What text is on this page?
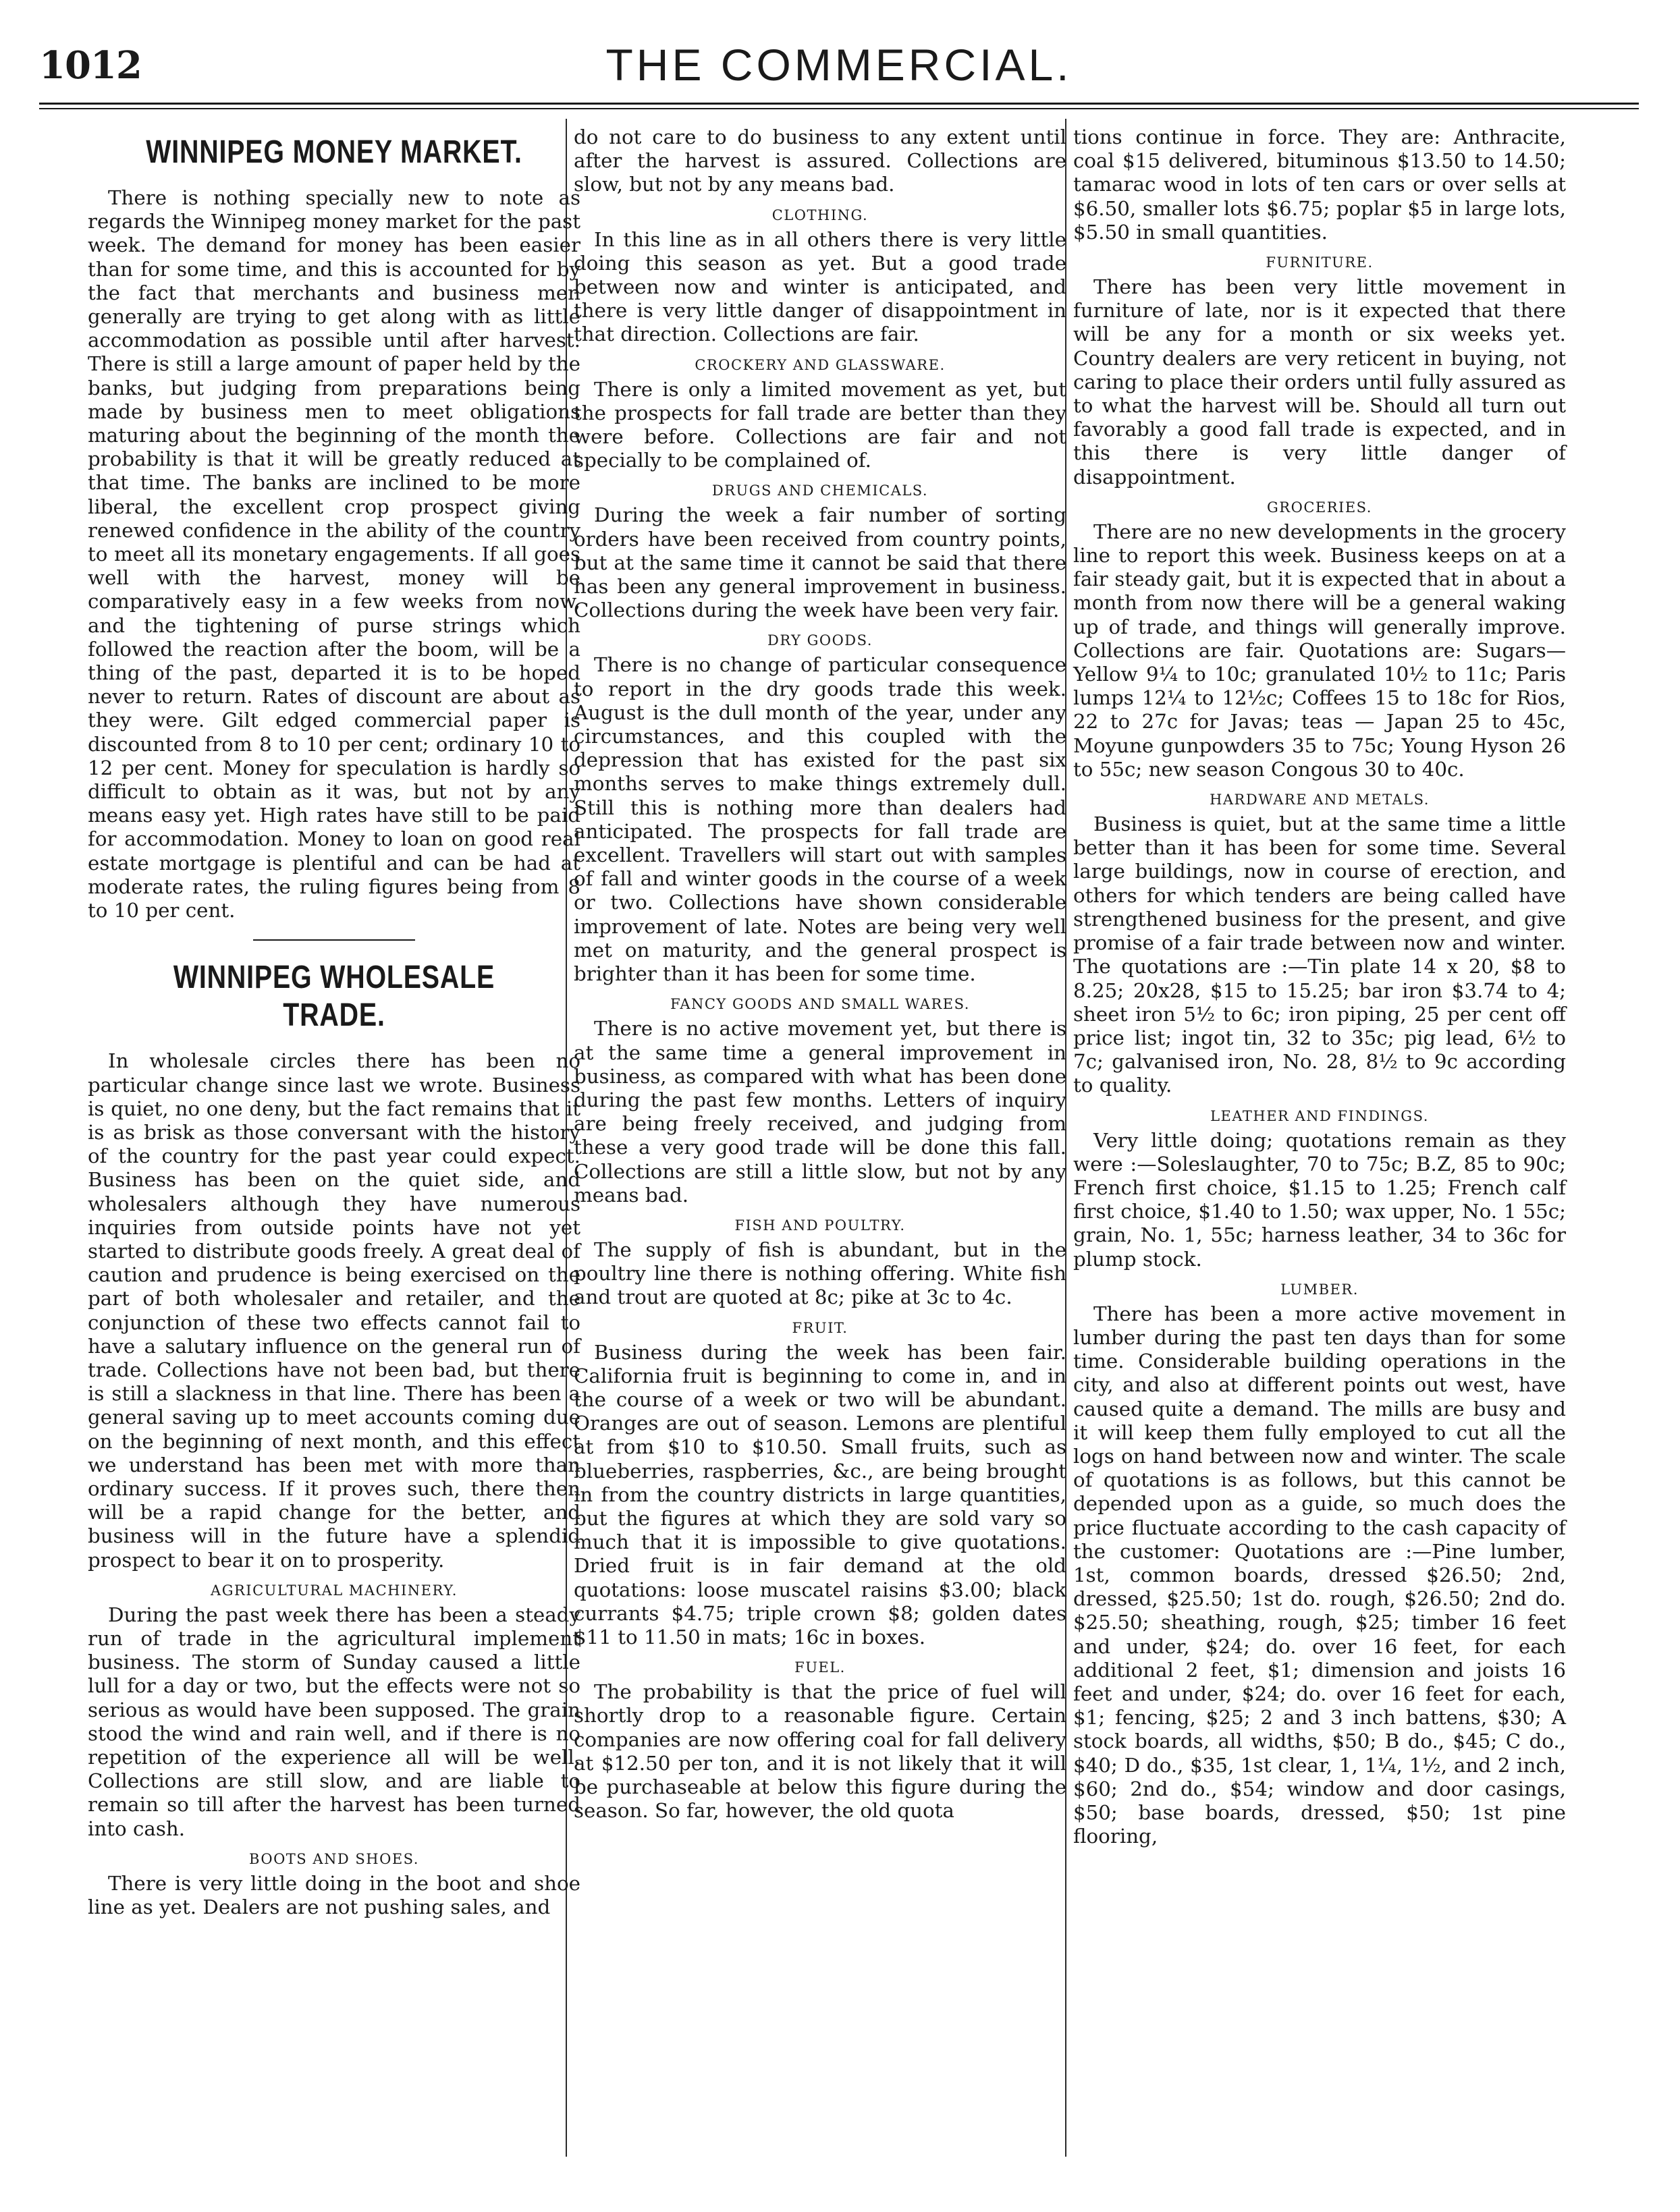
1012	THE COMMERCIAL.
WINNIPEG MONEY MARKET.

There is nothing specially new to note as regards the Winnipeg money market for the past week. The demand for money has been easier than for some time, and this is accounted for by the fact that merchants and business men generally are trying to get along with as little accommodation as possible until after harvest. There is still a large amount of paper held by the banks, but judging from preparations being made by business men to meet obligations maturing about the beginning of the month the probability is that it will be greatly reduced at that time. The banks are inclined to be more liberal, the excellent crop prospect giving renewed confidence in the ability of the country to meet all its monetary engagements. If all goes well with the harvest, money will be comparatively easy in a few weeks from now, and the tightening of purse strings which followed the reaction after the boom, will be a thing of the past, departed it is to be hoped never to return. Rates of discount are about as they were. Gilt edged commercial paper is discounted from 8 to 10 per cent; ordinary 10 to 12 per cent. Money for speculation is hardly so difficult to obtain as it was, but not by any means easy yet. High rates have still to be paid for accommodation. Money to loan on good real estate mortgage is plentiful and can be had at moderate rates, the ruling figures being from 8 to 10 per cent.

WINNIPEG WHOLESALE TRADE.

In wholesale circles there has been no particular change since last we wrote. Business is quiet, no one deny, but the fact remains that it is as brisk as those conversant with the history of the country for the past year could expect. Business has been on the quiet side, and wholesalers although they have numerous inquiries from outside points have not yet started to distribute goods freely. A great deal of caution and prudence is being exercised on the part of both wholesaler and retailer, and the conjunction of these two effects cannot fail to have a salutary influence on the general run of trade. Collections have not been bad, but there is still a slackness in that line. There has been a general saving up to meet accounts coming due on the beginning of next month, and this effect we understand has been met with more than ordinary success. If it proves such, there then will be a rapid change for the better, and business will in the future have a splendid prospect to bear it on to prosperity.

AGRICULTURAL MACHINERY.

During the past week there has been a steady run of trade in the agricultural implement business. The storm of Sunday caused a little lull for a day or two, but the effects were not so serious as would have been supposed. The grain stood the wind and rain well, and if there is no repetition of the experience all will be well. Collections are still slow, and are liable to remain so till after the harvest has been turned into cash.

BOOTS AND SHOES.

There is very little doing in the boot and shoe line as yet. Dealers are not pushing sales, and

do not care to do business to any extent until after the harvest is assured. Collections are slow, but not by any means bad.

CLOTHING.

In this line as in all others there is very little doing this season as yet. But a good trade between now and winter is anticipated, and there is very little danger of disappointment in that direction. Collections are fair.

CROCKERY AND GLASSWARE.

There is only a limited movement as yet, but the prospects for fall trade are better than they were before. Collections are fair and not specially to be complained of.

DRUGS AND CHEMICALS.

During the week a fair number of sorting orders have been received from country points, but at the same time it cannot be said that there has been any general improvement in business. Collections during the week have been very fair.

DRY GOODS.

There is no change of particular consequence to report in the dry goods trade this week. August is the dull month of the year, under any circumstances, and this coupled with the depression that has existed for the past six months serves to make things extremely dull. Still this is nothing more than dealers had anticipated. The prospects for fall trade are excellent. Travellers will start out with samples of fall and winter goods in the course of a week or two. Collections have shown considerable improvement of late. Notes are being very well met on maturity, and the general prospect is brighter than it has been for some time.

FANCY GOODS AND SMALL WARES.

There is no active movement yet, but there is at the same time a general improvement in business, as compared with what has been done during the past few months. Letters of inquiry are being freely received, and judging from these a very good trade will be done this fall. Collections are still a little slow, but not by any means bad.

FISH AND POULTRY.

The supply of fish is abundant, but in the poultry line there is nothing offering. White fish and trout are quoted at 8c; pike at 3c to 4c.

FRUIT.

Business during the week has been fair. California fruit is beginning to come in, and in the course of a week or two will be abundant. Oranges are out of season. Lemons are plentiful at from $10 to $10.50. Small fruits, such as blueberries, raspberries, &c., are being brought in from the country districts in large quantities, but the figures at which they are sold vary so much that it is impossible to give quotations. Dried fruit is in fair demand at the old quotations: loose muscatel raisins $3.00; black currants $4.75; triple crown $8; golden dates $11 to 11.50 in mats; 16c in boxes.

FUEL.

The probability is that the price of fuel will shortly drop to a reasonable figure. Certain companies are now offering coal for fall delivery at $12.50 per ton, and it is not likely that it will be purchaseable at below this figure during the season. So far, however, the old quota

tions continue in force. They are: Anthracite, coal $15 delivered, bituminous $13.50 to 14.50; tamarac wood in lots of ten cars or over sells at $6.50, smaller lots $6.75; poplar $5 in large lots, $5.50 in small quantities.

FURNITURE.

There has been very little movement in furniture of late, nor is it expected that there will be any for a month or six weeks yet. Country dealers are very reticent in buying, not caring to place their orders until fully assured as to what the harvest will be. Should all turn out favorably a good fall trade is expected, and in this there is very little danger of disappointment.

GROCERIES.

There are no new developments in the grocery line to report this week. Business keeps on at a fair steady gait, but it is expected that in about a month from now there will be a general waking up of trade, and things will generally improve. Collections are fair. Quotations are: Sugars—Yellow 9¼ to 10c; granulated 10½ to 11c; Paris lumps 12¼ to 12½c; Coffees 15 to 18c for Rios, 22 to 27c for Javas; teas — Japan 25 to 45c, Moyune gunpowders 35 to 75c; Young Hyson 26 to 55c; new season Congous 30 to 40c.

HARDWARE AND METALS.

Business is quiet, but at the same time a little better than it has been for some time. Several large buildings, now in course of erection, and others for which tenders are being called have strengthened business for the present, and give promise of a fair trade between now and winter. The quotations are :—Tin plate 14 x 20, $8 to 8.25; 20x28, $15 to 15.25; bar iron $3.74 to 4; sheet iron 5½ to 6c; iron piping, 25 per cent off price list; ingot tin, 32 to 35c; pig lead, 6½ to 7c; galvanised iron, No. 28, 8½ to 9c according to quality.

LEATHER AND FINDINGS.

Very little doing; quotations remain as they were :—Soleslaughter, 70 to 75c; B.Z, 85 to 90c; French first choice, $1.15 to 1.25; French calf first choice, $1.40 to 1.50; wax upper, No. 1 55c; grain, No. 1, 55c; harness leather, 34 to 36c for plump stock.

LUMBER.

There has been a more active movement in lumber during the past ten days than for some time. Considerable building operations in the city, and also at different points out west, have caused quite a demand. The mills are busy and it will keep them fully employed to cut all the logs on hand between now and winter. The scale of quotations is as follows, but this cannot be depended upon as a guide, so much does the price fluctuate according to the cash capacity of the customer: Quotations are :—Pine lumber, 1st, common boards, dressed $26.50; 2nd, dressed, $25.50; 1st do. rough, $26.50; 2nd do. $25.50; sheathing, rough, $25; timber 16 feet and under, $24; do. over 16 feet, for each additional 2 feet, $1; dimension and joists 16 feet and under, $24; do. over 16 feet for each, $1; fencing, $25; 2 and 3 inch battens, $30; A stock boards, all widths, $50; B do., $45; C do., $40; D do., $35, 1st clear, 1, 1¼, 1½, and 2 inch, $60; 2nd do., $54; window and door casings, $50; base boards, dressed, $50; 1st pine flooring,
